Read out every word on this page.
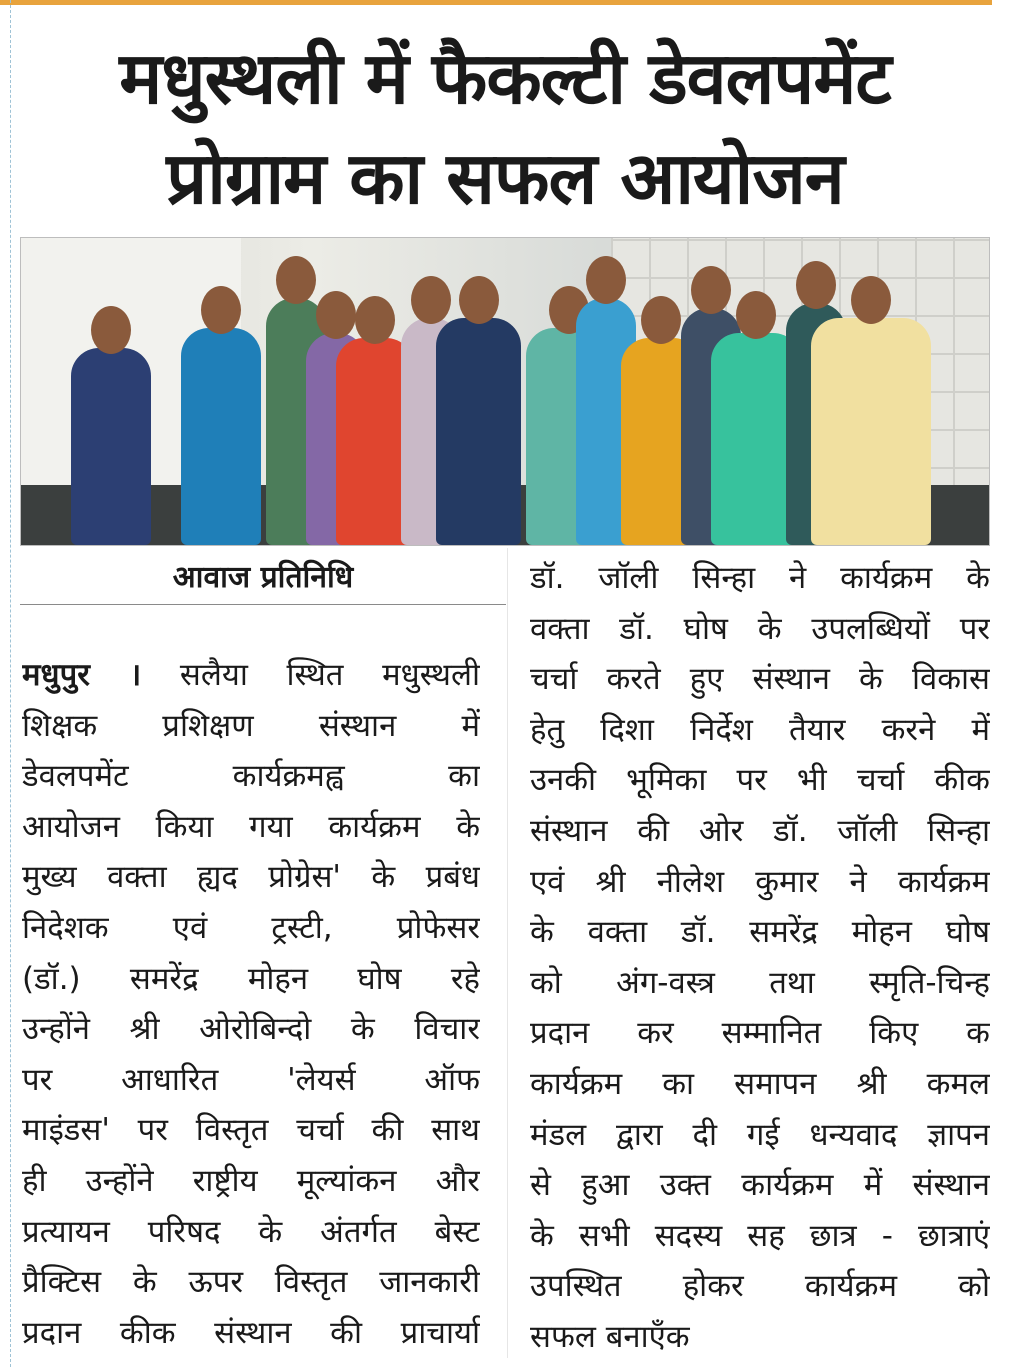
मधुस्थली में फैकल्टी डेवलपमेंट
प्रोग्राम का सफल आयोजन
आवाज प्रतिनिधि
मधुपुर । सलैया स्थित मधुस्थली
शिक्षक प्रशिक्षण संस्थान में
डेवलपमेंट कार्यक्रमह्व का
आयोजन किया गया कार्यक्रम के
मुख्य वक्ता ह्यद प्रोग्रेस' के प्रबंध
निदेशक एवं ट्रस्टी, प्रोफेसर
(डॉ.) समरेंद्र मोहन घोष रहे
उन्होंने श्री ओरोबिन्दो के विचार
पर आधारित 'लेयर्स ऑफ
माइंडस' पर विस्तृत चर्चा की साथ
ही उन्होंने राष्ट्रीय मूल्यांकन और
प्रत्यायन परिषद के अंतर्गत बेस्ट
प्रैक्टिस के ऊपर विस्तृत जानकारी
प्रदान कीक संस्थान की प्राचार्या
डॉ. जॉली सिन्हा ने कार्यक्रम के
वक्ता डॉ. घोष के उपलब्धियों पर
चर्चा करते हुए संस्थान के विकास
हेतु दिशा निर्देश तैयार करने में
उनकी भूमिका पर भी चर्चा कीक
संस्थान की ओर डॉ. जॉली सिन्हा
एवं श्री नीलेश कुमार ने कार्यक्रम
के वक्ता डॉ. समरेंद्र मोहन घोष
को अंग-वस्त्र तथा स्मृति-चिन्ह
प्रदान कर सम्मानित किए क
कार्यक्रम का समापन श्री कमल
मंडल द्वारा दी गई धन्यवाद ज्ञापन
से हुआ उक्त कार्यक्रम में संस्थान
के सभी सदस्य सह छात्र - छात्राएं
उपस्थित होकर कार्यक्रम को
सफल बनाएँक
